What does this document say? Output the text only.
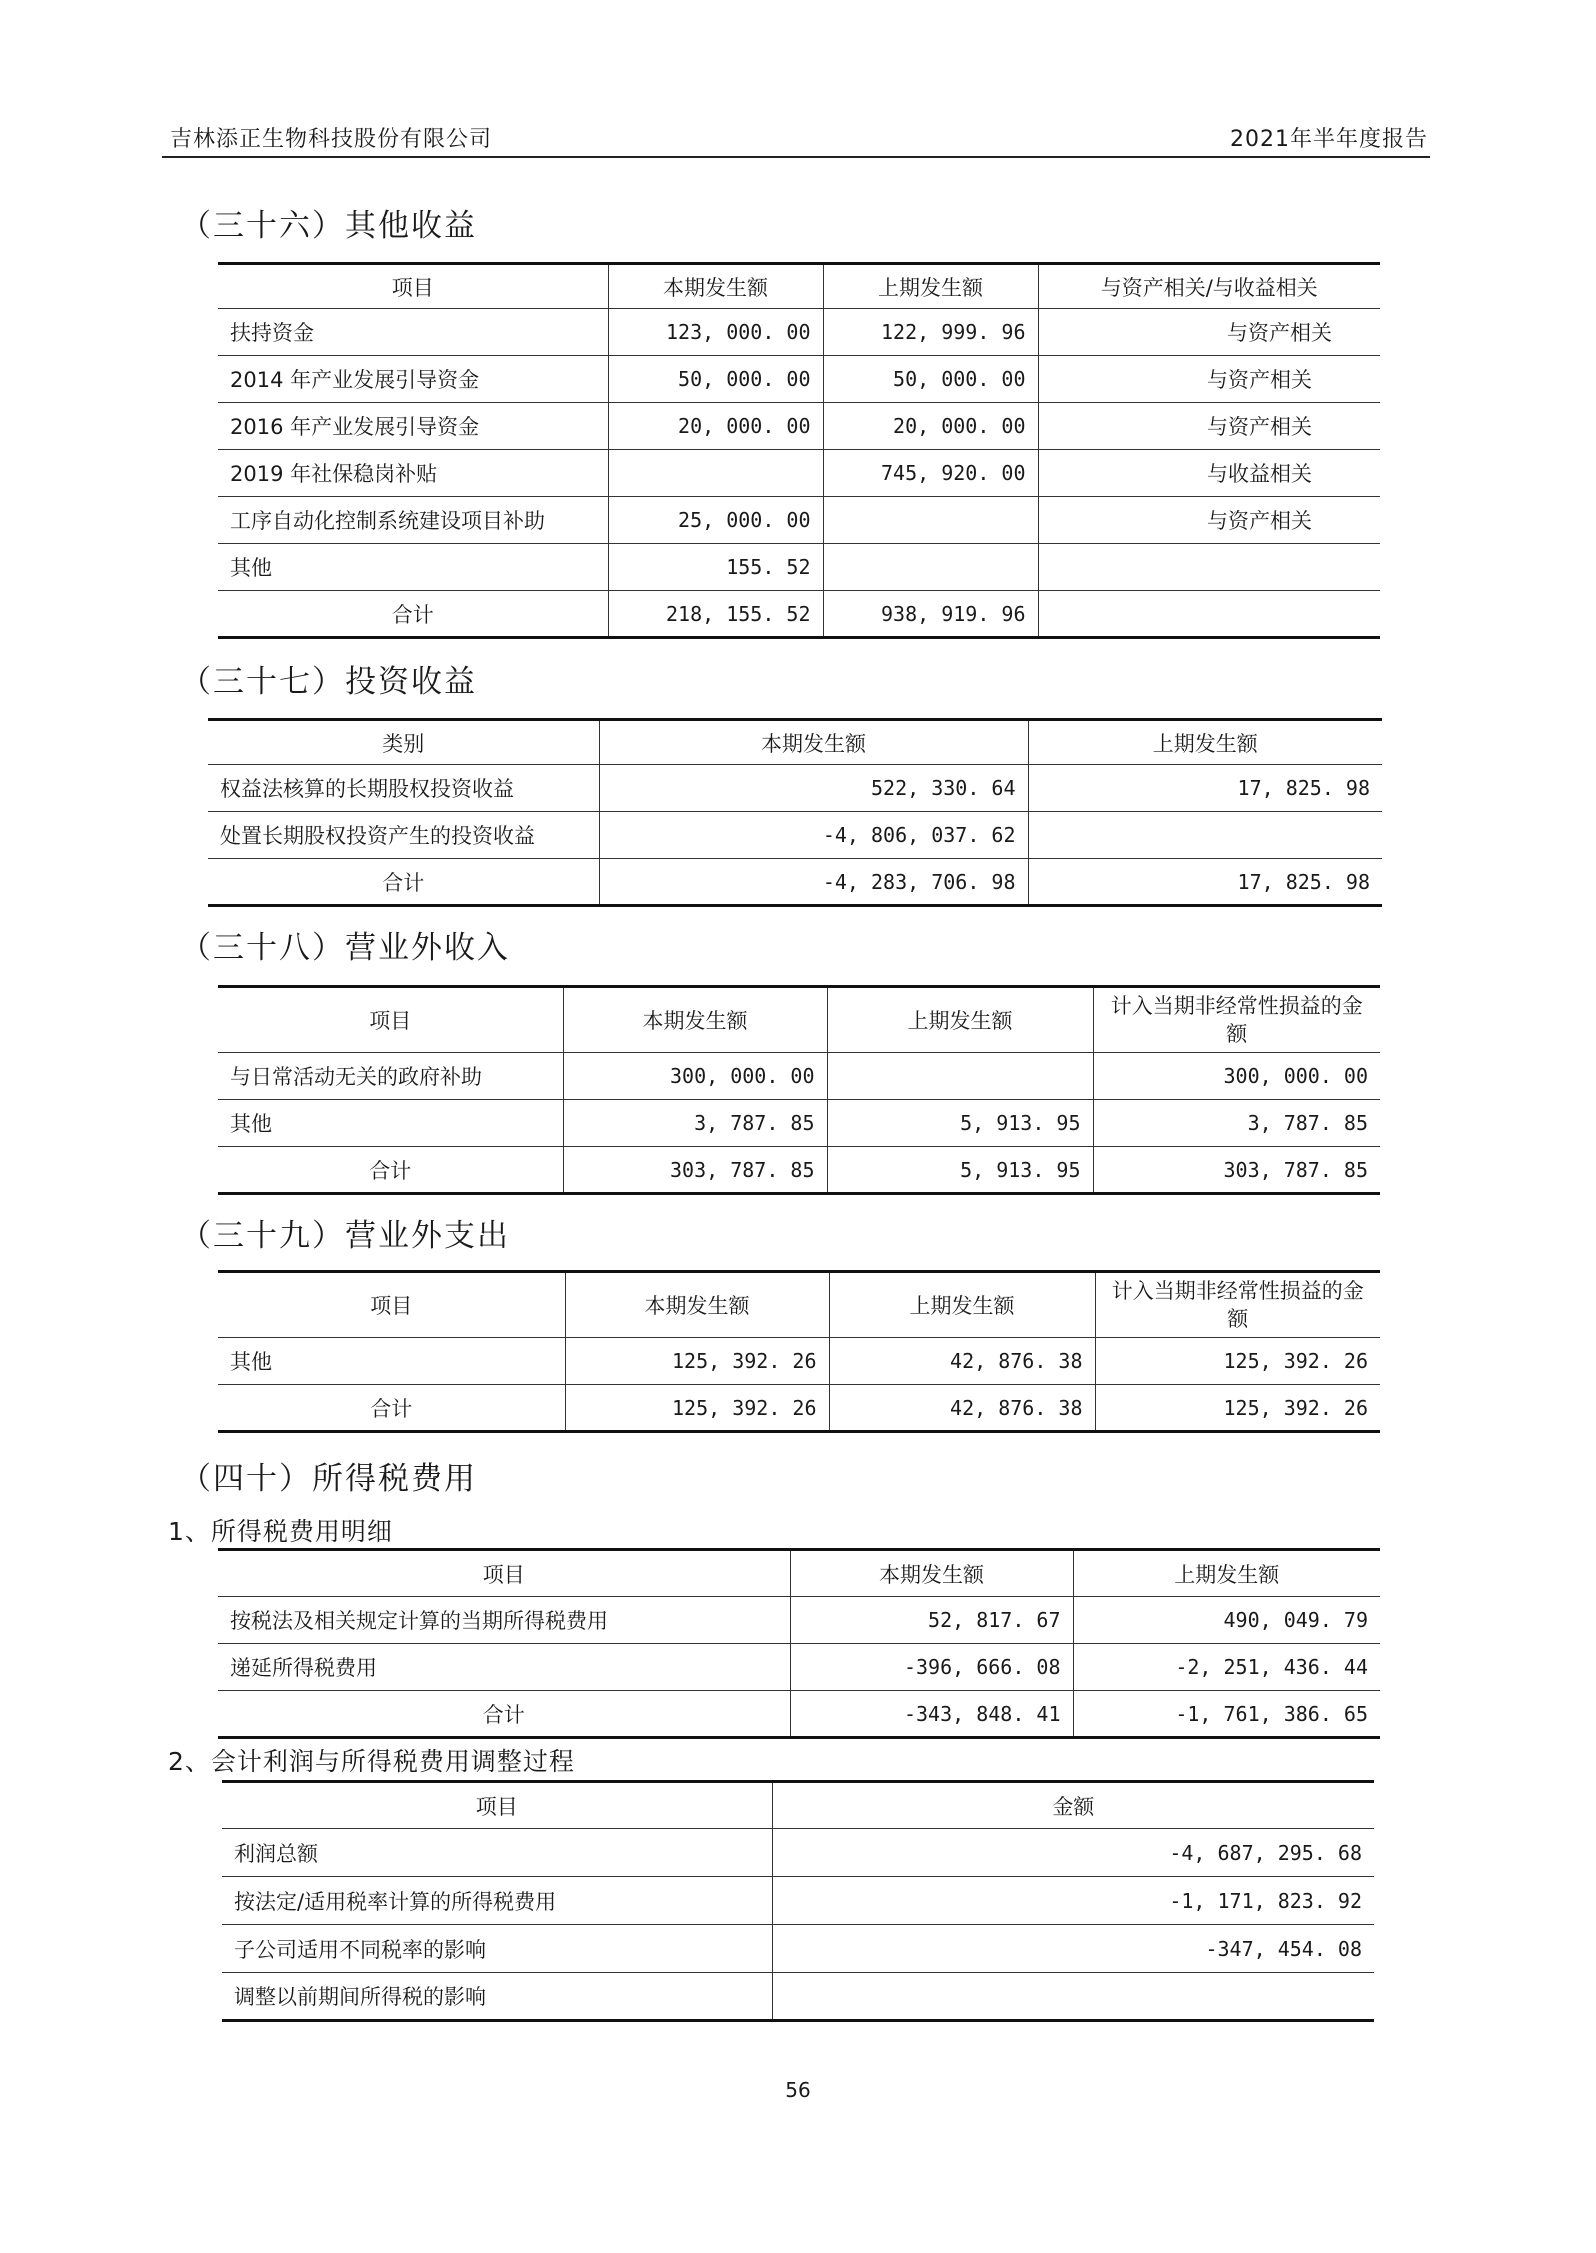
吉林添正生物科技股份有限公司	2021年半年度报告
（三十六）其他收益
项目	本期发生额	上期发生额	与资产相关/与收益相关
扶持资金	123, 000. 00	122, 999. 96	与资产相关
2014 年产业发展引导资金	50, 000. 00	50, 000. 00	与资产相关
2016 年产业发展引导资金	20, 000. 00	20, 000. 00	与资产相关
2019 年社保稳岗补贴		745, 920. 00	与收益相关
工序自动化控制系统建设项目补助	25, 000. 00		与资产相关
其他	155. 52		
合计	218, 155. 52	938, 919. 96	
（三十七）投资收益
类别	本期发生额	上期发生额
权益法核算的长期股权投资收益	522, 330. 64	17, 825. 98
处置长期股权投资产生的投资收益	-4, 806, 037. 62	
合计	-4, 283, 706. 98	17, 825. 98
（三十八）营业外收入
项目	本期发生额	上期发生额	计入当期非经常性损益的金额
与日常活动无关的政府补助	300, 000. 00		300, 000. 00
其他	3, 787. 85	5, 913. 95	3, 787. 85
合计	303, 787. 85	5, 913. 95	303, 787. 85
（三十九）营业外支出
项目	本期发生额	上期发生额	计入当期非经常性损益的金额
其他	125, 392. 26	42, 876. 38	125, 392. 26
合计	125, 392. 26	42, 876. 38	125, 392. 26
（四十）所得税费用
1、所得税费用明细
项目	本期发生额	上期发生额
按税法及相关规定计算的当期所得税费用	52, 817. 67	490, 049. 79
递延所得税费用	-396, 666. 08	-2, 251, 436. 44
合计	-343, 848. 41	-1, 761, 386. 65
2、会计利润与所得税费用调整过程
项目	金额
利润总额	-4, 687, 295. 68
按法定/适用税率计算的所得税费用	-1, 171, 823. 92
子公司适用不同税率的影响	-347, 454. 08
调整以前期间所得税的影响	
56
